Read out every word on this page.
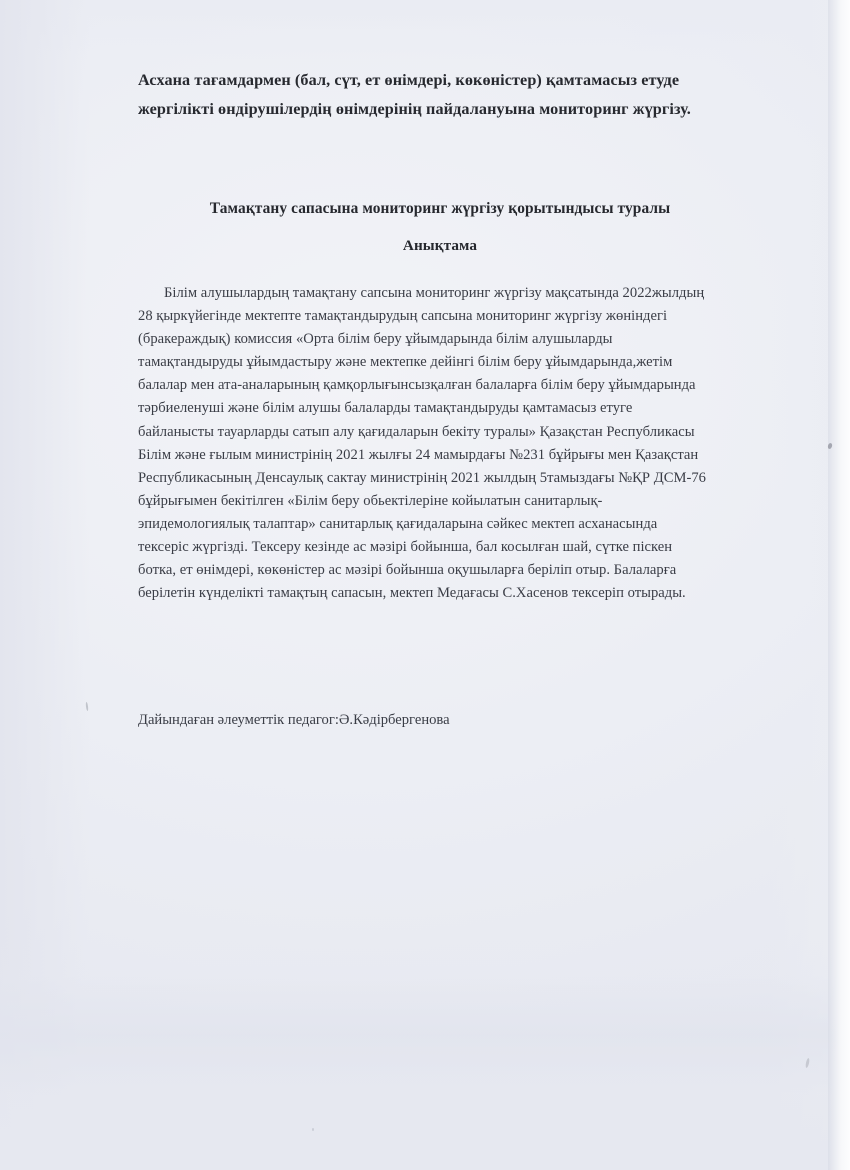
Асхана тағамдармен (бал, сүт, ет өнімдері, көкөністер) қамтамасыз етуде жергілікті өндірушілердің өнімдерінің пайдалануына мониторинг жүргізу.
Тамақтану сапасына мониторинг жүргізу қорытындысы туралы
Анықтама
Білім алушылардың тамақтану сапсына мониторинг жүргізу мақсатында 2022жылдың
28 қыркүйегінде мектепте тамақтандырудың сапсына мониторинг жүргізу жөніндегі
(бракераждық) комиссия «Орта білім беру ұйымдарында білім алушыларды
тамақтандыруды ұйымдастыру және мектепке дейінгі білім беру ұйымдарында,жетім
балалар мен ата-аналарының қамқорлығынсызқалған балаларға білім беру ұйымдарында
тәрбиеленуші және білім алушы балаларды тамақтандыруды қамтамасыз етуге
байланысты тауарларды сатып алу қағидаларын бекіту туралы» Қазақстан Республикасы
Білім және ғылым министрінің 2021 жылғы 24 мамырдағы №231 бұйрығы мен Қазақстан
Республикасының Денсаулық сактау министрінің 2021 жылдың 5тамыздағы №ҚР ДСМ-76
бұйрығымен бекітілген «Білім беру обьектілеріне койылатын санитарлық-
эпидемологиялық талаптар» санитарлық қағидаларына сәйкес мектеп асханасында
тексеріс жүргізді. Тексеру кезінде ас мәзірі бойынша, бал косылған шай, сүтке піскен
ботка, ет өнімдері, көкөністер ас мәзірі бойынша оқушыларға беріліп отыр. Балаларға
берілетін күнделікті тамақтың сапасын, мектеп Медағасы С.Хасенов тексеріп отырады.
Дайындаған әлеуметтік педагог:Ә.Кәдірбергенова
